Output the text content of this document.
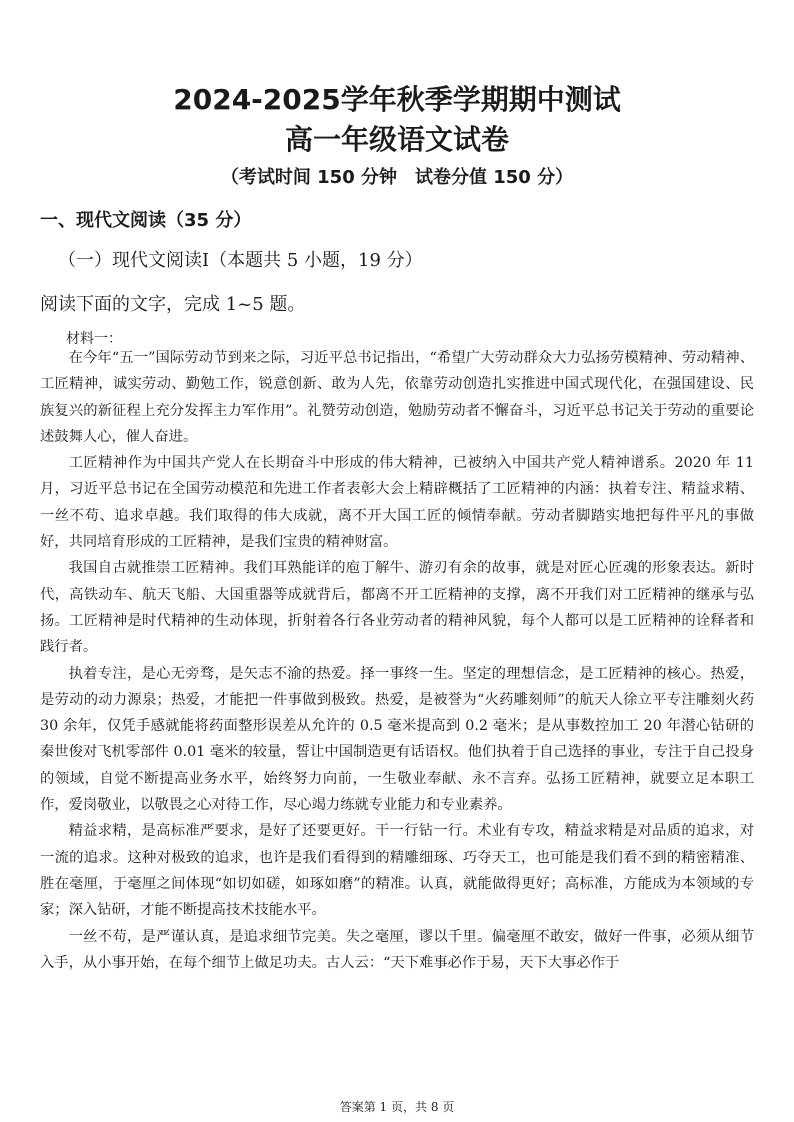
2024-2025学年秋季学期期中测试
高一年级语文试卷
（考试时间 150 分钟　试卷分值 150 分）
一、现代文阅读（35 分）
（一）现代文阅读Ⅰ（本题共 5 小题，19 分）
阅读下面的文字，完成 1~5 题。
材料一：

在今年“五一”国际劳动节到来之际，习近平总书记指出，“希望广大劳动群众大力弘扬劳模精神、劳动精神、工匠精神，诚实劳动、勤勉工作，锐意创新、敢为人先，依靠劳动创造扎实推进中国式现代化，在强国建设、民族复兴的新征程上充分发挥主力军作用”。礼赞劳动创造，勉励劳动者不懈奋斗，习近平总书记关于劳动的重要论述鼓舞人心，催人奋进。

工匠精神作为中国共产党人在长期奋斗中形成的伟大精神，已被纳入中国共产党人精神谱系。2020 年 11 月，习近平总书记在全国劳动模范和先进工作者表彰大会上精辟概括了工匠精神的内涵：执着专注、精益求精、一丝不苟、追求卓越。我们取得的伟大成就，离不开大国工匠的倾情奉献。劳动者脚踏实地把每件平凡的事做好，共同培育形成的工匠精神，是我们宝贵的精神财富。

我国自古就推崇工匠精神。我们耳熟能详的庖丁解牛、游刃有余的故事，就是对匠心匠魂的形象表达。新时代，高铁动车、航天飞船、大国重器等成就背后，都离不开工匠精神的支撑，离不开我们对工匠精神的继承与弘扬。工匠精神是时代精神的生动体现，折射着各行各业劳动者的精神风貌，每个人都可以是工匠精神的诠释者和践行者。

执着专注，是心无旁骛，是矢志不渝的热爱。择一事终一生。坚定的理想信念，是工匠精神的核心。热爱，是劳动的动力源泉；热爱，才能把一件事做到极致。热爱，是被誉为“火药雕刻师”的航天人徐立平专注雕刻火药 30 余年，仅凭手感就能将药面整形误差从允许的 0.5 毫米提高到 0.2 毫米；是从事数控加工 20 年潜心钻研的秦世俊对飞机零部件 0.01 毫米的较量，誓让中国制造更有话语权。他们执着于自己选择的事业，专注于自己投身的领域，自觉不断提高业务水平，始终努力向前，一生敬业奉献、永不言弃。弘扬工匠精神，就要立足本职工作，爱岗敬业，以敬畏之心对待工作，尽心竭力练就专业能力和专业素养。

精益求精，是高标准严要求，是好了还要更好。干一行钻一行。术业有专攻，精益求精是对品质的追求，对一流的追求。这种对极致的追求，也许是我们看得到的精雕细琢、巧夺天工，也可能是我们看不到的精密精准、胜在毫厘，于毫厘之间体现“如切如磋，如琢如磨”的精准。认真，就能做得更好；高标准，方能成为本领域的专家；深入钻研，才能不断提高技术技能水平。

一丝不苟，是严谨认真，是追求细节完美。失之毫厘，谬以千里。偏毫厘不敢安，做好一件事，必须从细节入手，从小事开始，在每个细节上做足功夫。古人云：“天下难事必作于易，天下大事必作于

答案第 1 页，共 8 页
